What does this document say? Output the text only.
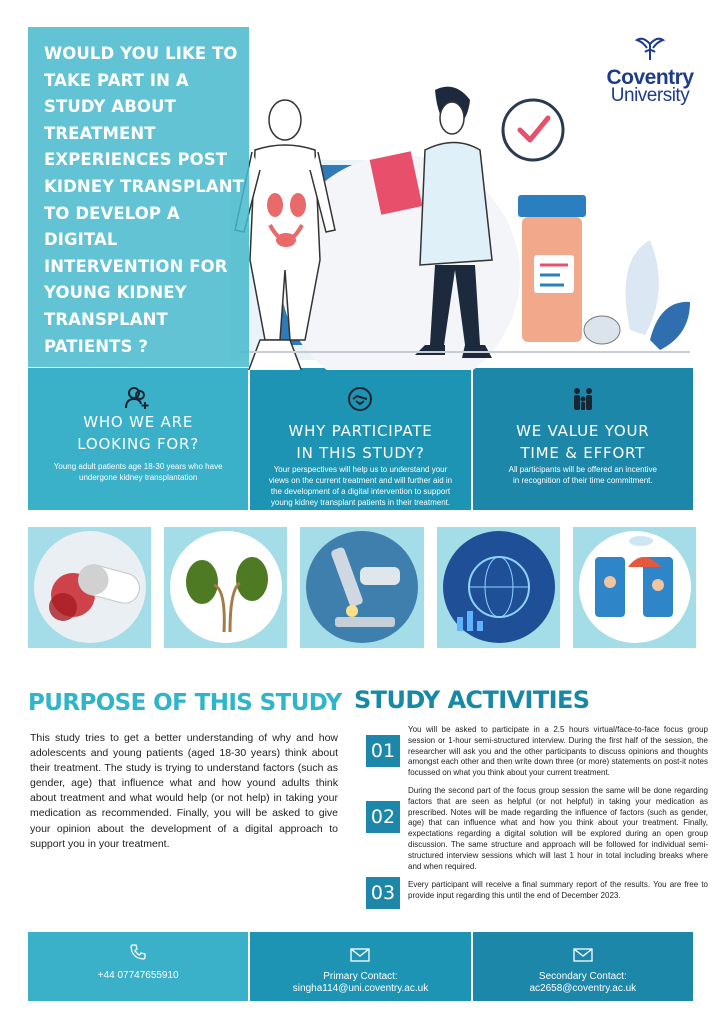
WOULD YOU LIKE TO
TAKE PART IN A
STUDY ABOUT
TREATMENT
EXPERIENCES POST
KIDNEY TRANSPLANT
TO DEVELOP A
DIGITAL
INTERVENTION FOR
YOUNG KIDNEY
TRANSPLANT
PATIENTS ?
Coventry
University
WHO WE ARE
LOOKING FOR?

Young adult patients age 18-30 years who have
undergone kidney transplantation

WHY PARTICIPATE
IN THIS STUDY?

Your perspectives will help us to understand your
views on the current treatment and will further aid in
the development of a digital intervention to support
young kidney transplant patients in their treatment.

WE VALUE YOUR
TIME & EFFORT

All participants will be offered an incentive
in recognition of their time commitment.

PURPOSE OF THIS STUDY
This study tries to get a better understanding of why and how adolescents and young patients (aged 18-30 years) think about their treatment. The study is trying to understand factors (such as gender, age) that influence what and how yound adults think about treatment and what would help (or not help) in taking your medication as recommended. Finally, you will be asked to give your opinion about the development of a digital approach to support you in your treatment.
STUDY ACTIVITIES
01
You will be asked to participate in a 2.5 hours virtual/face-to-face focus group session or 1-hour semi-structured interview. During the first half of the session, the researcher will ask you and the other participants to discuss opinions and thoughts amongst each other and then write down three (or more) statements on post-it notes focussed on what you think about your current treatment.
02
During the second part of the focus group session the same will be done regarding factors that are seen as helpful (or not helpful) in taking your medication as prescribed. Notes will be made regarding the influence of factors (such as gender, age) that can influence what and how you think about your treatment. Finally, expectations regarding a digital solution will be explored during an open group discussion. The same structure and approach will be followed for individual semi-structured interview sessions which will last 1 hour in total including breaks where and when required.
03	Every participant will receive a final summary report of the results. You are free to provide input regarding this until the end of December 2023.
+44 07747655910	Primary Contact:
singha114@uni.coventry.ac.uk
Secondary Contact:
ac2658@coventry.ac.uk
